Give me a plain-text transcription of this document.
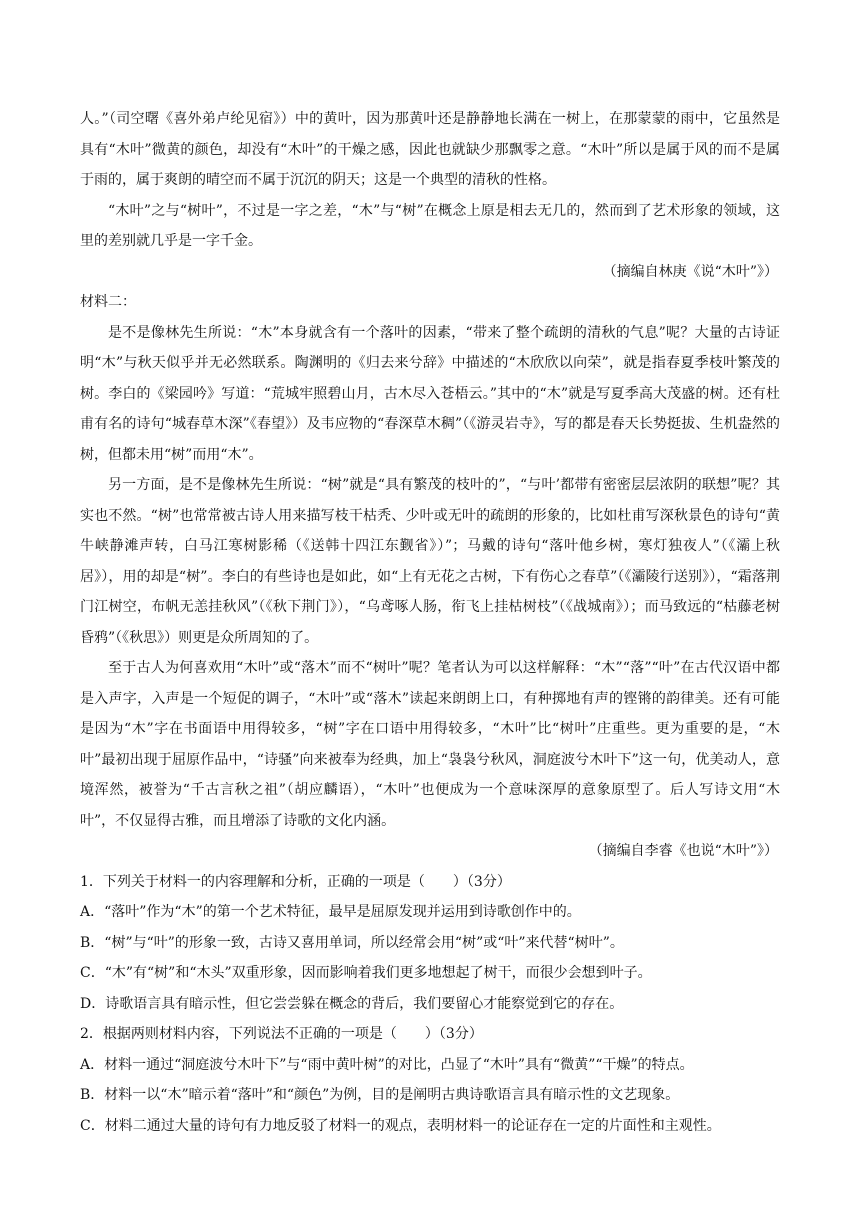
人。”（司空曙《喜外弟卢纶见宿》）中的黄叶，因为那黄叶还是静静地长满在一树上，在那蒙蒙的雨中，它虽然是具有“木叶”微黄的颜色，却没有“木叶”的干燥之感，因此也就缺少那飘零之意。“木叶”所以是属于风的而不是属于雨的，属于爽朗的晴空而不属于沉沉的阴天；这是一个典型的清秋的性格。

“木叶”之与“树叶”，不过是一字之差，“木”与“树”在概念上原是相去无几的，然而到了艺术形象的领域，这里的差别就几乎是一字千金。

（摘编自林庚《说“木叶”》）

材料二：

是不是像林先生所说：“木”本身就含有一个落叶的因素，“带来了整个疏朗的清秋的气息”呢？大量的古诗证明“木”与秋天似乎并无必然联系。陶渊明的《归去来兮辞》中描述的“木欣欣以向荣”，就是指春夏季枝叶繁茂的树。李白的《梁园吟》写道：“荒城牢照碧山月，古木尽入苍梧云。”其中的“木”就是写夏季高大茂盛的树。还有杜甫有名的诗句“城春草木深”《春望》）及韦应物的“春深草木稠”（《游灵岩寺》，写的都是春天长势挺拔、生机盎然的树，但都未用“树”而用“木”。

另一方面，是不是像林先生所说：“树”就是“具有繁茂的枝叶的”，“与叶’都带有密密层层浓阴的联想”呢？其实也不然。“树”也常常被古诗人用来描写枝干枯秃、少叶或无叶的疏朗的形象的，比如杜甫写深秋景色的诗句“黄牛峡静滩声转，白马江寒树影稀（《送韩十四江东觐省》）”；马戴的诗句“落叶他乡树，寒灯独夜人”（《灞上秋居》），用的却是“树”。李白的有些诗也是如此，如“上有无花之古树，下有伤心之春草”（《灞陵行送别》），“霜落荆门江树空，布帆无恙挂秋风”（《秋下荆门》），“乌鸢啄人肠，衔飞上挂枯树枝”（《战城南》）；而马致远的“枯藤老树昏鸦”（《秋思》）则更是众所周知的了。

至于古人为何喜欢用“木叶”或“落木”而不“树叶”呢？笔者认为可以这样解释：“木”“落”“叶”在古代汉语中都是入声字，入声是一个短促的调子，“木叶”或“落木”读起来朗朗上口，有种掷地有声的铿锵的韵律美。还有可能是因为“木”字在书面语中用得较多，“树”字在口语中用得较多，“木叶”比“树叶”庄重些。更为重要的是，“木叶”最初出现于屈原作品中，“诗骚”向来被奉为经典，加上“袅袅兮秋风，洞庭波兮木叶下”这一句，优美动人，意境浑然，被誉为“千古言秋之祖”（胡应麟语），“木叶”也便成为一个意味深厚的意象原型了。后人写诗文用“木叶”，不仅显得古雅，而且增添了诗歌的文化内涵。

（摘编自李睿《也说“木叶”》）

1．下列关于材料一的内容理解和分析，正确的一项是（　　）（3分）

A．“落叶”作为“木”的第一个艺术特征，最早是屈原发现并运用到诗歌创作中的。

B．“树”与“叶”的形象一致，古诗又喜用单词，所以经常会用“树”或“叶”来代替“树叶”。

C．“木”有“树”和“木头”双重形象，因而影响着我们更多地想起了树干，而很少会想到叶子。

D．诗歌语言具有暗示性，但它尝尝躲在概念的背后，我们要留心才能察觉到它的存在。

2．根据两则材料内容，下列说法不正确的一项是（　　）（3分）

A．材料一通过“洞庭波兮木叶下”与“雨中黄叶树”的对比，凸显了“木叶”具有“微黄”“干燥”的特点。

B．材料一以“木”暗示着“落叶”和“颜色”为例，目的是阐明古典诗歌语言具有暗示性的文艺现象。

C．材料二通过大量的诗句有力地反驳了材料一的观点，表明材料一的论证存在一定的片面性和主观性。
